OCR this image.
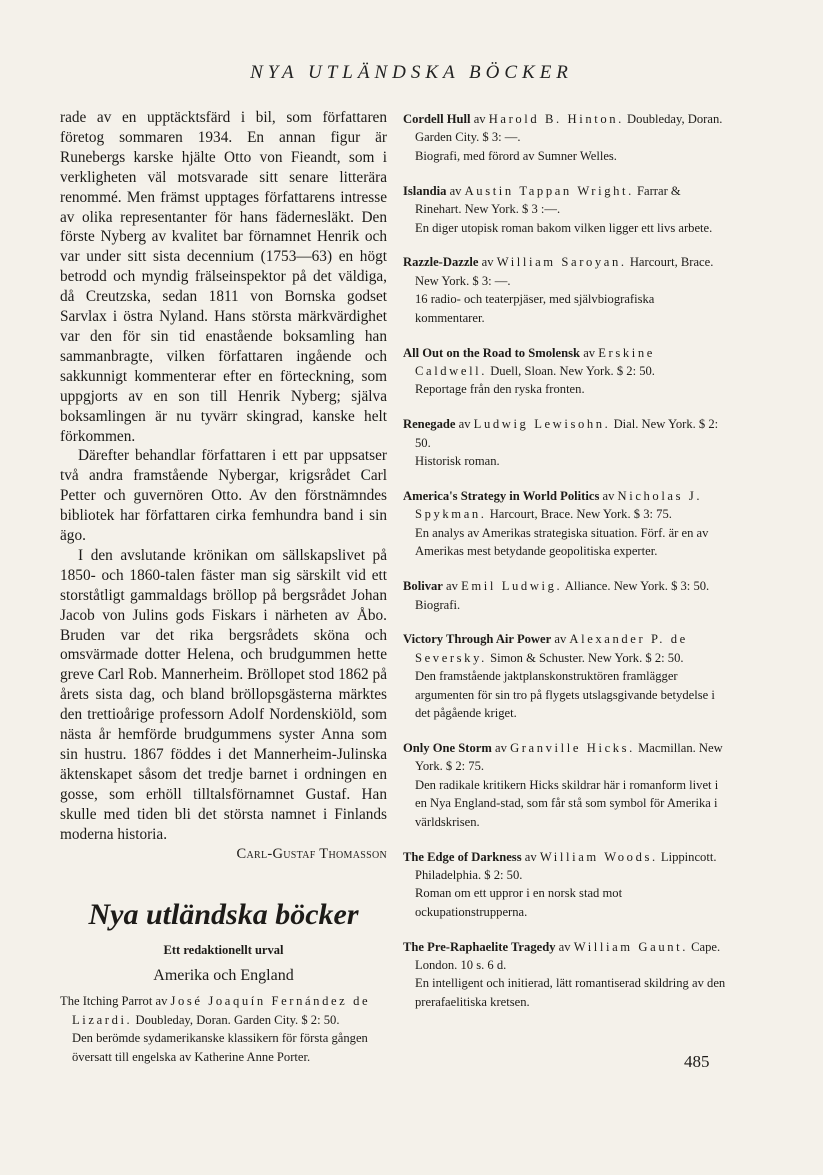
NYA UTLÄNDSKA BÖCKER

rade av en upptäcktsfärd i bil, som författaren företog sommaren 1934. En annan figur är Runebergs karske hjälte Otto von Fieandt, som i verkligheten väl motsvarade sitt senare litterära renommé. Men främst upptages författarens intresse av olika representanter för hans fädernesläkt. Den förste Nyberg av kvalitet bar förnamnet Henrik och var under sitt sista decennium (1753—63) en högt betrodd och myndig frälseinspektor på det väldiga, då Creutzska, sedan 1811 von Bornska godset Sarvlax i östra Nyland. Hans största märkvärdighet var den för sin tid enastående boksamling han sammanbragte, vilken författaren ingående och sakkunnigt kommenterar efter en förteckning, som uppgjorts av en son till Henrik Nyberg; själva boksamlingen är nu tyvärr skingrad, kanske helt förkommen.

Därefter behandlar författaren i ett par uppsatser två andra framstående Nybergar, krigsrådet Carl Petter och guvernören Otto. Av den förstnämndes bibliotek har författaren cirka femhundra band i sin ägo.

I den avslutande krönikan om sällskapslivet på 1850- och 1860-talen fäster man sig särskilt vid ett storståtligt gammaldags bröllop på bergsrådet Johan Jacob von Julins gods Fiskars i närheten av Åbo. Bruden var det rika bergsrådets sköna och omsvärmade dotter Helena, och brudgummen hette greve Carl Rob. Mannerheim. Bröllopet stod 1862 på årets sista dag, och bland bröllopsgästerna märktes den trettioårige professorn Adolf Nordenskiöld, som nästa år hemförde brudgummens syster Anna som sin hustru. 1867 föddes i det Mannerheim-Julinska äktenskapet såsom det tredje barnet i ordningen en gosse, som erhöll tilltalsförnamnet Gustaf. Han skulle med tiden bli det största namnet i Finlands moderna historia.

Carl-Gustaf Thomasson
Nya utländska böcker
Ett redaktionellt urval
Amerika och England
The Itching Parrot av José Joaquín Fernández de Lizardi. Doubleday, Doran. Garden City. $ 2: 50.
Den berömde sydamerikanske klassikern för första gången översatt till engelska av Katherine Anne Porter.
Cordell Hull av Harold B. Hinton. Doubleday, Doran. Garden City. $ 3: —.
Biografi, med förord av Sumner Welles.
Islandia av Austin Tappan Wright. Farrar & Rinehart. New York. $ 3 :—.
En diger utopisk roman bakom vilken ligger ett livs arbete.
Razzle-Dazzle av William Saroyan. Harcourt, Brace. New York. $ 3: —.
16 radio- och teaterpjäser, med självbiografiska kommentarer.
All Out on the Road to Smolensk av Erskine Caldwell. Duell, Sloan. New York. $ 2: 50.
Reportage från den ryska fronten.
Renegade av Ludwig Lewisohn. Dial. New York. $ 2: 50.
Historisk roman.
America's Strategy in World Politics av Nicholas J. Spykman. Harcourt, Brace. New York. $ 3: 75.
En analys av Amerikas strategiska situation. Förf. är en av Amerikas mest betydande geopolitiska experter.
Bolivar av Emil Ludwig. Alliance. New York. $ 3: 50.
Biografi.
Victory Through Air Power av Alexander P. de Seversky. Simon & Schuster. New York. $ 2: 50.
Den framstående jaktplanskonstruktören framlägger argumenten för sin tro på flygets utslagsgivande betydelse i det pågående kriget.
Only One Storm av Granville Hicks. Macmillan. New York. $ 2: 75.
Den radikale kritikern Hicks skildrar här i romanform livet i en Nya England-stad, som får stå som symbol för Amerika i världskrisen.
The Edge of Darkness av William Woods. Lippincott. Philadelphia. $ 2: 50.
Roman om ett uppror i en norsk stad mot ockupationstrupperna.
The Pre-Raphaelite Tragedy av William Gaunt. Cape. London. 10 s. 6 d.
En intelligent och initierad, lätt romantiserad skildring av den prerafaelitiska kretsen.
485
